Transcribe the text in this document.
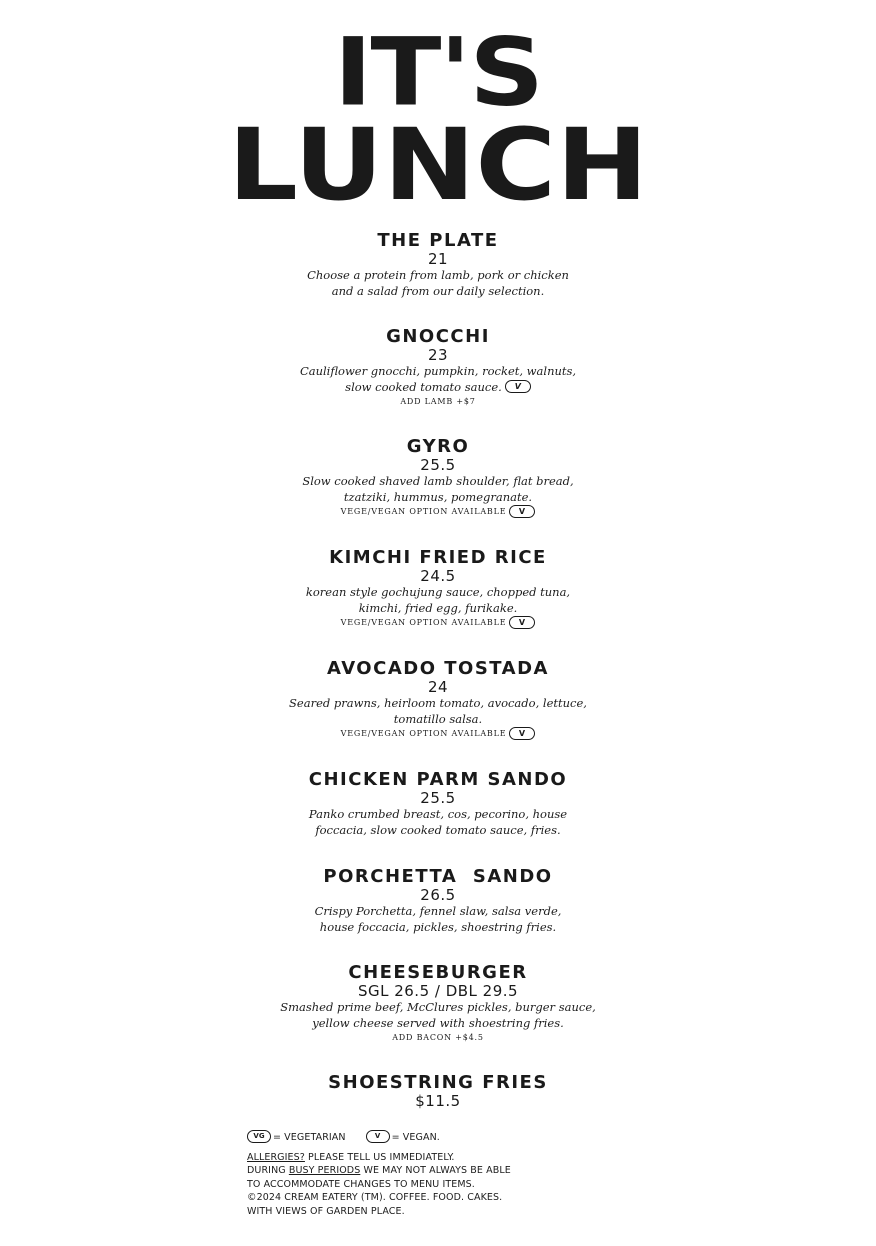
IT'S
LUNCH
THE PLATE
21
Choose a protein from lamb, pork or chicken
and a salad from our daily selection.
GNOCCHI
23
Cauliflower gnocchi, pumpkin, rocket, walnuts,
slow cooked tomato sauce. V
ADD LAMB +$7
GYRO
25.5
Slow cooked shaved lamb shoulder, flat bread,
tzatziki, hummus, pomegranate.
VEGE/VEGAN OPTION AVAILABLE V
KIMCHI FRIED RICE
24.5
korean style gochujung sauce, chopped tuna,
kimchi, fried egg, furikake.
VEGE/VEGAN OPTION AVAILABLE V
AVOCADO TOSTADA
24
Seared prawns, heirloom tomato, avocado, lettuce,
tomatillo salsa.
VEGE/VEGAN OPTION AVAILABLE V
CHICKEN PARM SANDO
25.5
Panko crumbed breast, cos, pecorino, house
foccacia, slow cooked tomato sauce, fries.
PORCHETTA  SANDO
26.5
Crispy Porchetta, fennel slaw, salsa verde,
house foccacia, pickles, shoestring fries.
CHEESEBURGER
SGL 26.5 / DBL 29.5
Smashed prime beef, McClures pickles, burger sauce,
yellow cheese served with shoestring fries.
ADD BACON +$4.5
SHOESTRING FRIES
$11.5
VG = VEGETARIAN	V = VEGAN.
ALLERGIES? PLEASE TELL US IMMEDIATELY.
DURING BUSY PERIODS WE MAY NOT ALWAYS BE ABLE
TO ACCOMMODATE CHANGES TO MENU ITEMS.
©2024 CREAM EATERY (TM). COFFEE. FOOD. CAKES.
WITH VIEWS OF GARDEN PLACE.
